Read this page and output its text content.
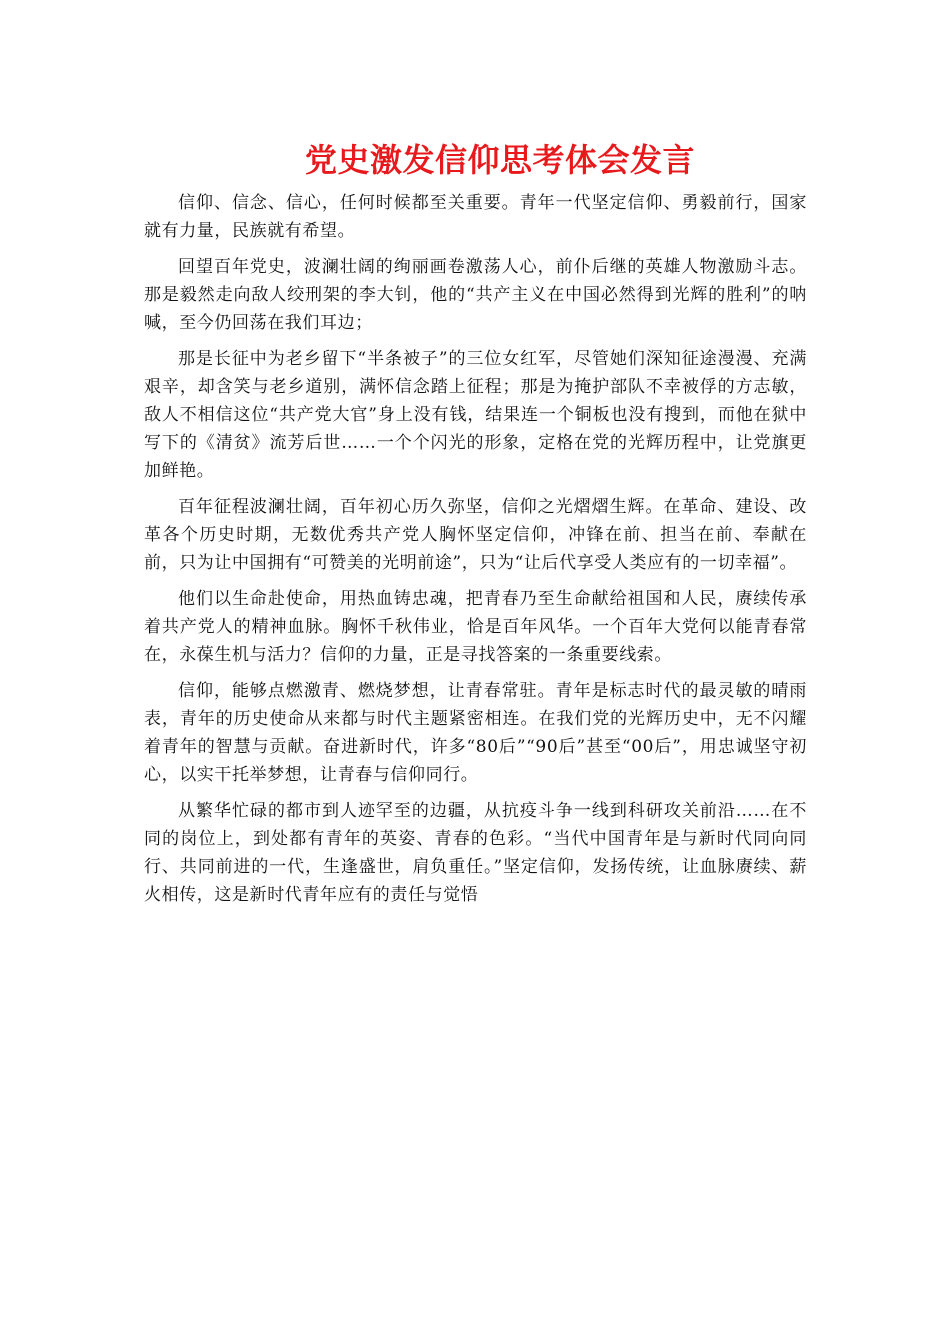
党史激发信仰思考体会发言

信仰、信念、信心，任何时候都至关重要。青年一代坚定信仰、勇毅前行，国家就有力量，民族就有希望。

回望百年党史，波澜壮阔的绚丽画卷激荡人心，前仆后继的英雄人物激励斗志。那是毅然走向敌人绞刑架的李大钊，他的“共产主义在中国必然得到光辉的胜利”的呐喊，至今仍回荡在我们耳边；

那是长征中为老乡留下“半条被子”的三位女红军，尽管她们深知征途漫漫、充满艰辛，却含笑与老乡道别，满怀信念踏上征程；那是为掩护部队不幸被俘的方志敏，敌人不相信这位“共产党大官”身上没有钱，结果连一个铜板也没有搜到，而他在狱中写下的《清贫》流芳后世……一个个闪光的形象，定格在党的光辉历程中，让党旗更加鲜艳。

百年征程波澜壮阔，百年初心历久弥坚，信仰之光熠熠生辉。在革命、建设、改革各个历史时期，无数优秀共产党人胸怀坚定信仰，冲锋在前、担当在前、奉献在前，只为让中国拥有“可赞美的光明前途”，只为“让后代享受人类应有的一切幸福”。

他们以生命赴使命，用热血铸忠魂，把青春乃至生命献给祖国和人民，赓续传承着共产党人的精神血脉。胸怀千秋伟业，恰是百年风华。一个百年大党何以能青春常在，永葆生机与活力？信仰的力量，正是寻找答案的一条重要线索。

信仰，能够点燃激青、燃烧梦想，让青春常驻。青年是标志时代的最灵敏的晴雨表，青年的历史使命从来都与时代主题紧密相连。在我们党的光辉历史中，无不闪耀着青年的智慧与贡献。奋进新时代，许多“80后”“90后”甚至“00后”，用忠诚坚守初心，以实干托举梦想，让青春与信仰同行。

从繁华忙碌的都市到人迹罕至的边疆，从抗疫斗争一线到科研攻关前沿……在不同的岗位上，到处都有青年的英姿、青春的色彩。“当代中国青年是与新时代同向同行、共同前进的一代，生逢盛世，肩负重任。”坚定信仰，发扬传统，让血脉赓续、薪火相传，这是新时代青年应有的责任与觉悟
